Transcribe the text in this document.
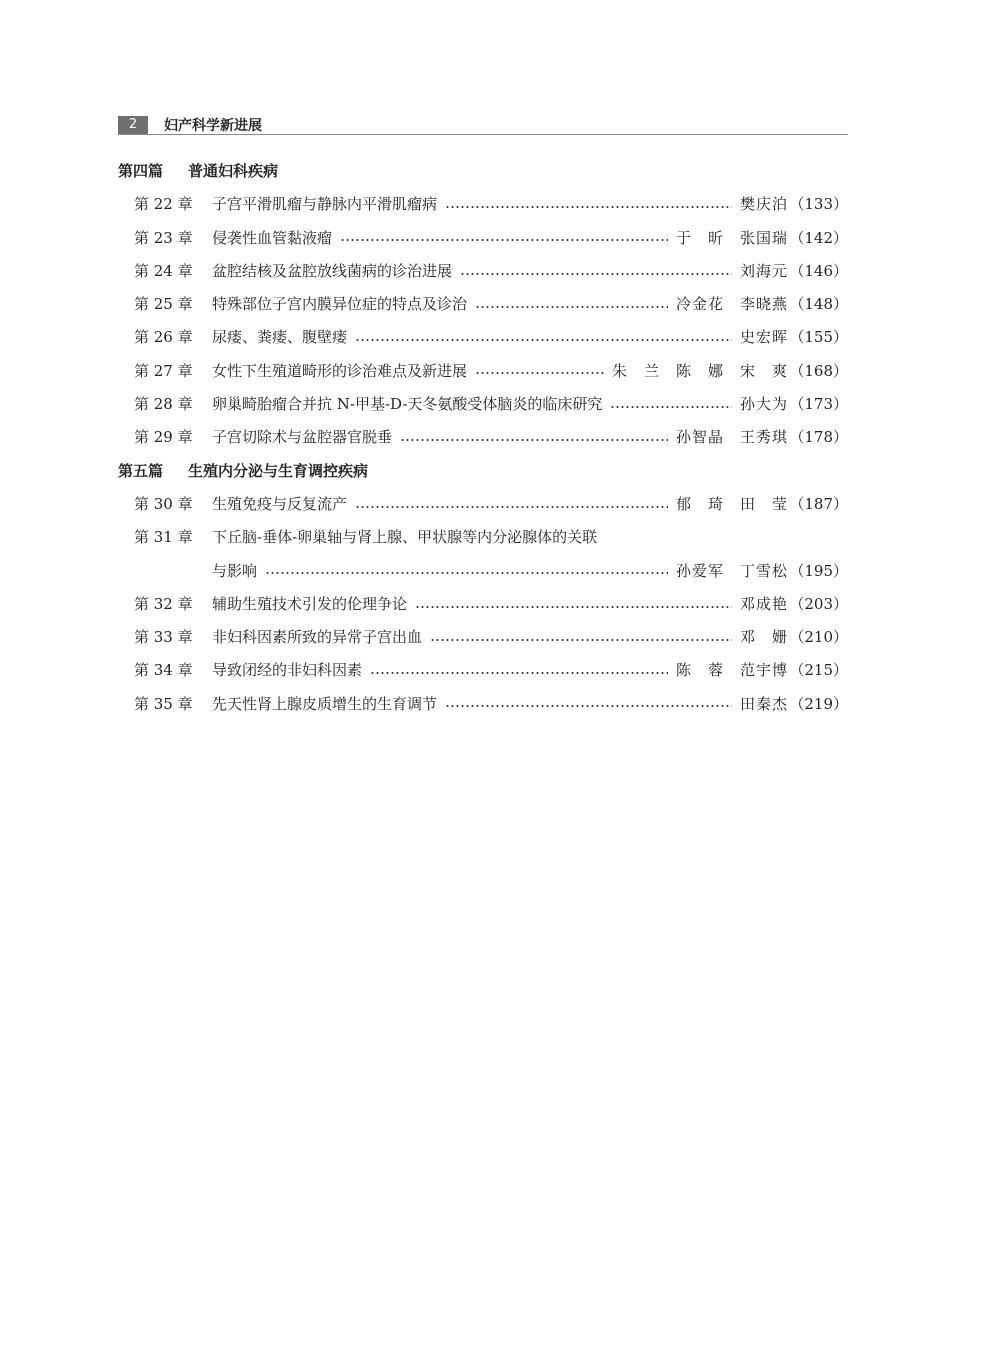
2	妇产科学新进展
第四篇 普通妇科疾病
第 22 章	子宫平滑肌瘤与静脉内平滑肌瘤病	樊庆泊 （133）
第 23 章	侵袭性血管黏液瘤	于　昕　张国瑞 （142）
第 24 章	盆腔结核及盆腔放线菌病的诊治进展	刘海元 （146）
第 25 章	特殊部位子宫内膜异位症的特点及诊治	冷金花　李晓燕 （148）
第 26 章	尿瘘、粪瘘、腹壁瘘	史宏晖 （155）
第 27 章	女性下生殖道畸形的诊治难点及新进展	朱　兰　陈　娜　宋　爽 （168）
第 28 章	卵巢畸胎瘤合并抗 N-甲基-D-天冬氨酸受体脑炎的临床研究	孙大为 （173）
第 29 章	子宫切除术与盆腔器官脱垂	孙智晶　王秀琪 （178）
第五篇 生殖内分泌与生育调控疾病
第 30 章	生殖免疫与反复流产	郁　琦　田　莹 （187）
第 31 章	下丘脑-垂体-卵巢轴与肾上腺、甲状腺等内分泌腺体的关联
与影响	孙爱军　丁雪松 （195）
第 32 章	辅助生殖技术引发的伦理争论	邓成艳 （203）
第 33 章	非妇科因素所致的异常子宫出血	邓　姗 （210）
第 34 章	导致闭经的非妇科因素	陈　蓉　范宇博 （215）
第 35 章	先天性肾上腺皮质增生的生育调节	田秦杰 （219）
